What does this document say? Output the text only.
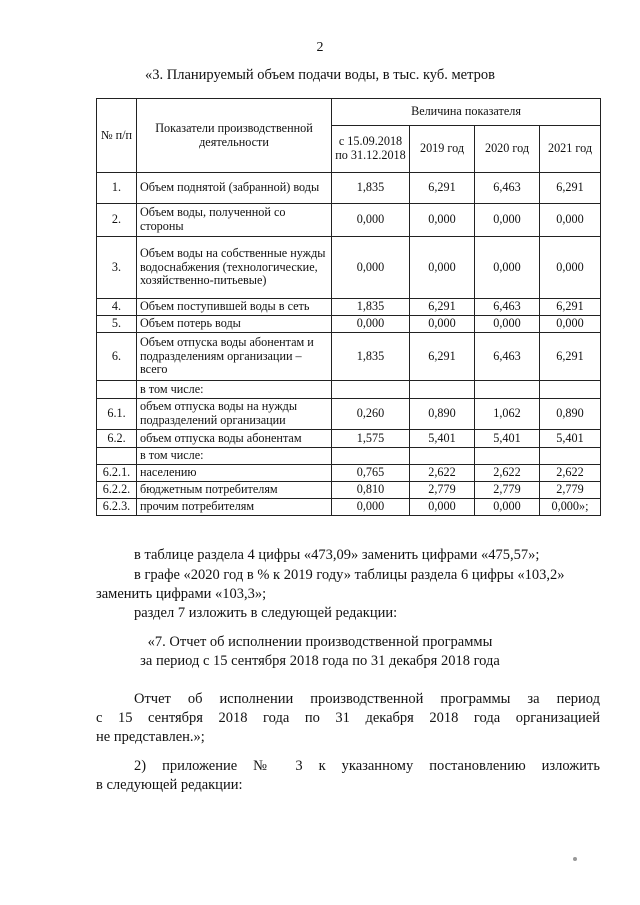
2
«3. Планируемый объем подачи воды, в тыс. куб. метров
№ п/п	Показатели производственной деятельности	Величина показателя			
		с 15.09.2018 по 31.12.2018	2019 год	2020 год	2021 год
1.	Объем поднятой (забранной) воды	1,835	6,291	6,463	6,291
2.	Объем воды, полученной со стороны	0,000	0,000	0,000	0,000
3.	Объем воды на собственные нужды водоснабжения (технологические, хозяйственно-питьевые)	0,000	0,000	0,000	0,000
4.	Объем поступившей воды в сеть	1,835	6,291	6,463	6,291
5.	Объем потерь воды	0,000	0,000	0,000	0,000
6.	Объем отпуска воды абонентам и подразделениям организации – всего	1,835	6,291	6,463	6,291
	в том числе:				
6.1.	объем отпуска воды на нужды подразделений организации	0,260	0,890	1,062	0,890
6.2.	объем отпуска воды абонентам	1,575	5,401	5,401	5,401
	в том числе:				
6.2.1.	населению	0,765	2,622	2,622	2,622
6.2.2.	бюджетным потребителям	0,810	2,779	2,779	2,779
6.2.3.	прочим потребителям	0,000	0,000	0,000	0,000»;
в таблице раздела 4 цифры «473,09» заменить цифрами «475,57»;
в графе «2020 год в % к 2019 году» таблицы раздела 6 цифры «103,2»
заменить цифрами «103,3»;
раздел 7 изложить в следующей редакции:
«7. Отчет об исполнении производственной программы
за период с 15 сентября 2018 года по 31 декабря 2018 года
Отчет об исполнении производственной программы за период
с 15 сентября 2018 года по 31 декабря 2018 года организацией
не представлен.»;
2) приложение № 3 к указанному постановлению изложить
в следующей редакции:
